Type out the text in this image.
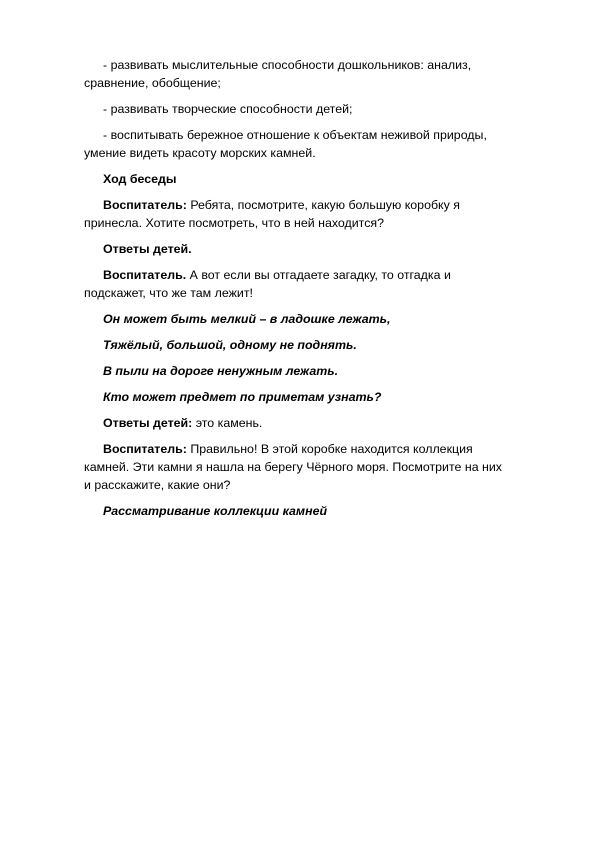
- развивать мыслительные способности дошкольников: анализ, сравнение, обобщение;

- развивать творческие способности детей;

- воспитывать бережное отношение к объектам неживой природы, умение видеть красоту морских камней.

Ход беседы

Воспитатель: Ребята, посмотрите, какую большую коробку я принесла. Хотите посмотреть, что в ней находится?

Ответы детей.

Воспитатель. А вот если вы отгадаете загадку, то отгадка и подскажет, что же там лежит!

Он может быть мелкий – в ладошке лежать,

Тяжёлый, большой, одному не поднять.

В пыли на дороге ненужным лежать.

Кто может предмет по приметам узнать?

Ответы детей: это камень.

Воспитатель: Правильно! В этой коробке находится коллекция камней. Эти камни я нашла на берегу Чёрного моря. Посмотрите на них и расскажите, какие они?

Рассматривание коллекции камней
